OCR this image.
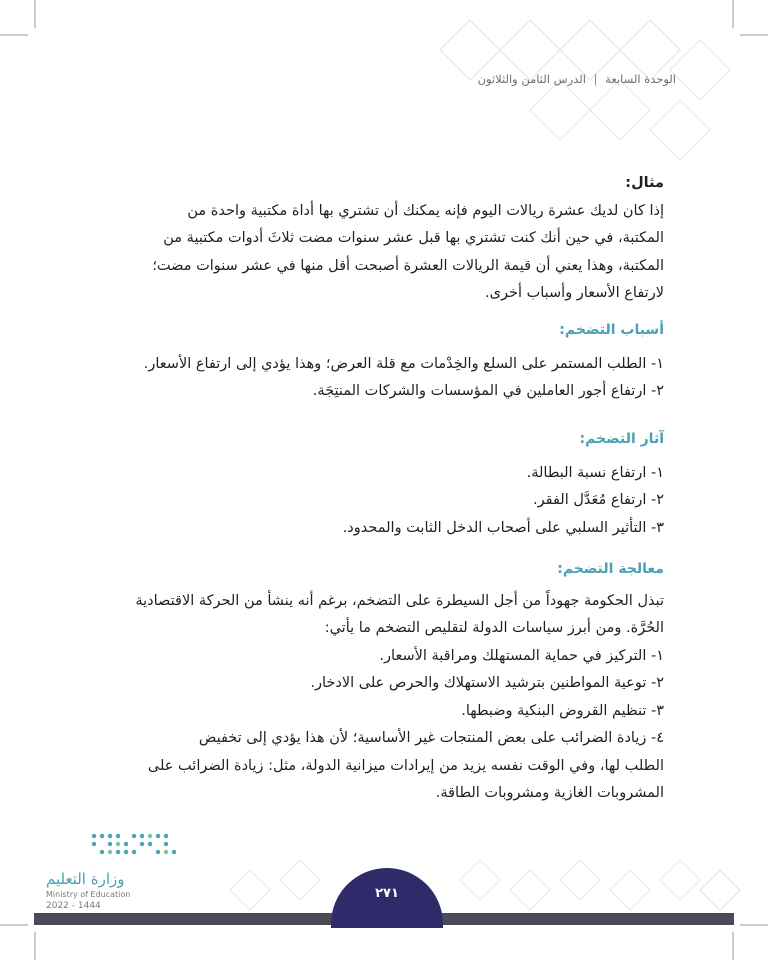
الوحدة السابعة | الدرس الثامن والثلاثون
مثال:
إذا كان لديك عشرة ريالات اليوم فإنه يمكنك أن تشتري بها أداة مكتبية واحدة من
المكتبة، في حين أنك كنت تشتري بها قبل عشر سنوات مضت ثلاثَ أدوات مكتبية من
المكتبة، وهذا يعني أن قيمة الريالات العشرة أصبحت أقل منها في عشر سنوات مضت؛
لارتفاع الأسعار وأسباب أخرى.
أسباب التضخم:
١- الطلب المستمر على السلع والخِدْمات مع قلة العرض؛ وهذا يؤدي إلى ارتفاع الأسعار.
٢- ارتفاع أجور العاملين في المؤسسات والشركات المنتِجَة.
آثار التضخم:
١- ارتفاع نسبة البطالة.
٢- ارتفاع مُعَدَّل الفقر.
٣- التأثير السلبي على أصحاب الدخل الثابت والمحدود.
معالجة التضخم:
تبذل الحكومة جهوداً من أجل السيطرة على التضخم، برغم أنه ينشأ من الحركة الاقتصادية
الحُرَّة. ومن أبرز سياسات الدولة لتقليص التضخم ما يأتي:
١- التركيز في حماية المستهلك ومراقبة الأسعار.
٢- توعية المواطنين بترشيد الاستهلاك والحرص على الادخار.
٣- تنظيم القروض البنكية وضبطها.
٤- زيادة الضرائب على بعض المنتجات غير الأساسية؛ لأن هذا يؤدي إلى تخفيض
الطلب لها، وفي الوقت نفسه يزيد من إيرادات ميزانية الدولة، مثل: زيادة الضرائب على
المشروبات الغازية ومشروبات الطاقة.
٢٧١
وزارة التعليم
Ministry of Education
2022 - 1444
